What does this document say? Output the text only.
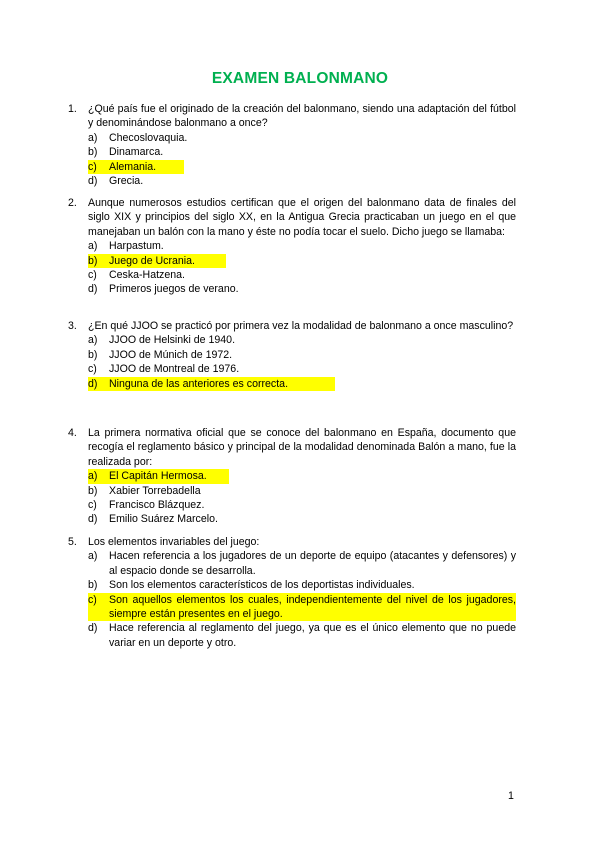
EXAMEN BALONMANO
1. ¿Qué país fue el originado de la creación del balonmano, siendo una adaptación del fútbol y denominándose balonmano a once?
a) Checoslovaquia.
b) Dinamarca.
c) Alemania.
d) Grecia.
2. Aunque numerosos estudios certifican que el origen del balonmano data de finales del siglo XIX y principios del siglo XX, en la Antigua Grecia practicaban un juego en el que manejaban un balón con la mano y éste no podía tocar el suelo. Dicho juego se llamaba:
a) Harpastum.
b) Juego de Ucrania.
c) Ceska-Hatzena.
d) Primeros juegos de verano.
3. ¿En qué JJOO se practicó por primera vez la modalidad de balonmano a once masculino?
a) JJOO de Helsinki de 1940.
b) JJOO de Múnich de 1972.
c) JJOO de Montreal de 1976.
d) Ninguna de las anteriores es correcta.
4. La primera normativa oficial que se conoce del balonmano en España, documento que recogía el reglamento básico y principal de la modalidad denominada Balón a mano, fue la realizada por:
a) El Capitán Hermosa.
b) Xabier Torrebadella
c) Francisco Blázquez.
d) Emilio Suárez Marcelo.
5. Los elementos invariables del juego:
a) Hacen referencia a los jugadores de un deporte de equipo (atacantes y defensores) y al espacio donde se desarrolla.
b) Son los elementos característicos de los deportistas individuales.
c) Son aquellos elementos los cuales, independientemente del nivel de los jugadores, siempre están presentes en el juego.
d) Hace referencia al reglamento del juego, ya que es el único elemento que no puede variar en un deporte y otro.
1
